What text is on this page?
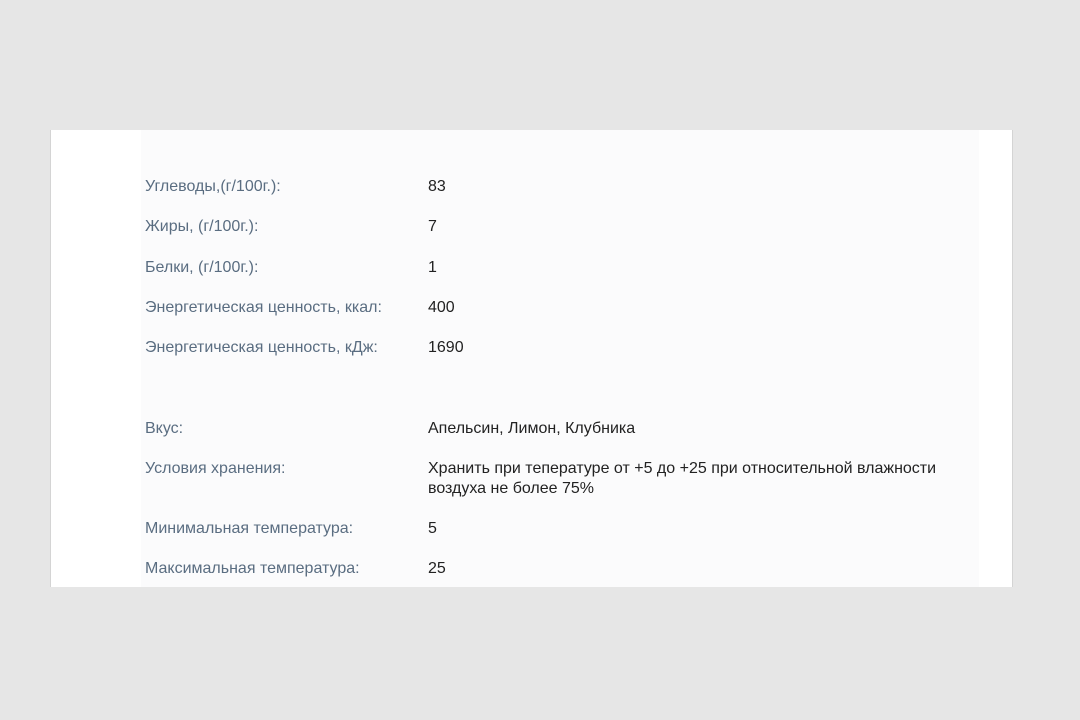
Углеводы,(г/100г.):	83
Жиры, (г/100г.):	7
Белки, (г/100г.):	1
Энергетическая ценность, ккал:	400
Энергетическая ценность, кДж:	1690
Вкус:	Апельсин, Лимон, Клубника
Условия хранения:	Хранить при тепературе от +5 до +25 при относительной влажности воздуха не более 75%
Минимальная температура:	5
Максимальная температура:	25
